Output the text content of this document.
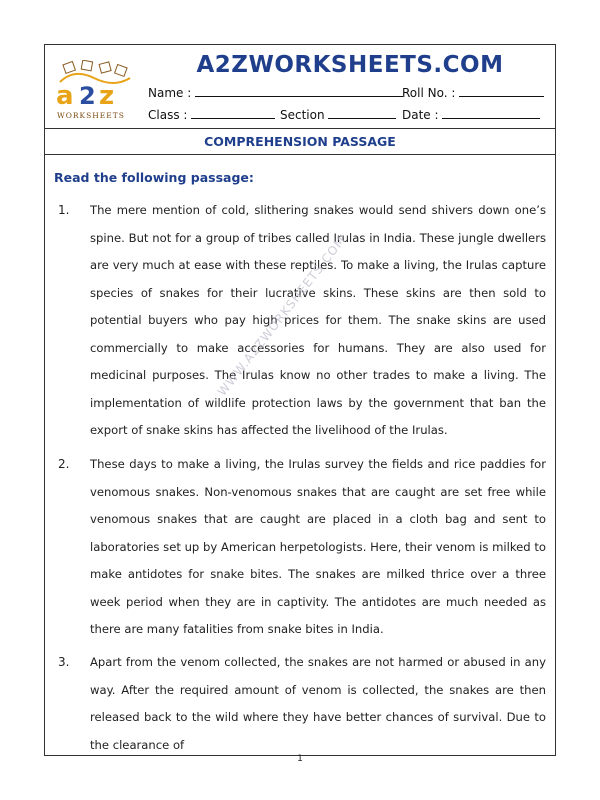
a 2 z
WORKSHEETS
A2ZWORKSHEETS.COM
Name :	Roll No. :
Class :	Section	Date :
COMPREHENSION PASSAGE
Read the following passage:
1. The mere mention of cold, slithering snakes would send shivers down one’s spine. But not for a group of tribes called Irulas in India. These jungle dwellers are very much at ease with these reptiles. To make a living, the Irulas capture species of snakes for their lucrative skins. These skins are then sold to potential buyers who pay high prices for them. The snake skins are used commercially to make accessories for humans. They are also used for medicinal purposes. The Irulas know no other trades to make a living. The implementation of wildlife protection laws by the government that ban the export of snake skins has affected the livelihood of the Irulas.
2. These days to make a living, the Irulas survey the fields and rice paddies for venomous snakes. Non-venomous snakes that are caught are set free while venomous snakes that are caught are placed in a cloth bag and sent to laboratories set up by American herpetologists. Here, their venom is milked to make antidotes for snake bites. The snakes are milked thrice over a three week period when they are in captivity. The antidotes are much needed as there are many fatalities from snake bites in India.
3. Apart from the venom collected, the snakes are not harmed or abused in any way. After the required amount of venom is collected, the snakes are then released back to the wild where they have better chances of survival. Due to the clearance of
WWW.A2ZWORKSHEETS.COM
1
